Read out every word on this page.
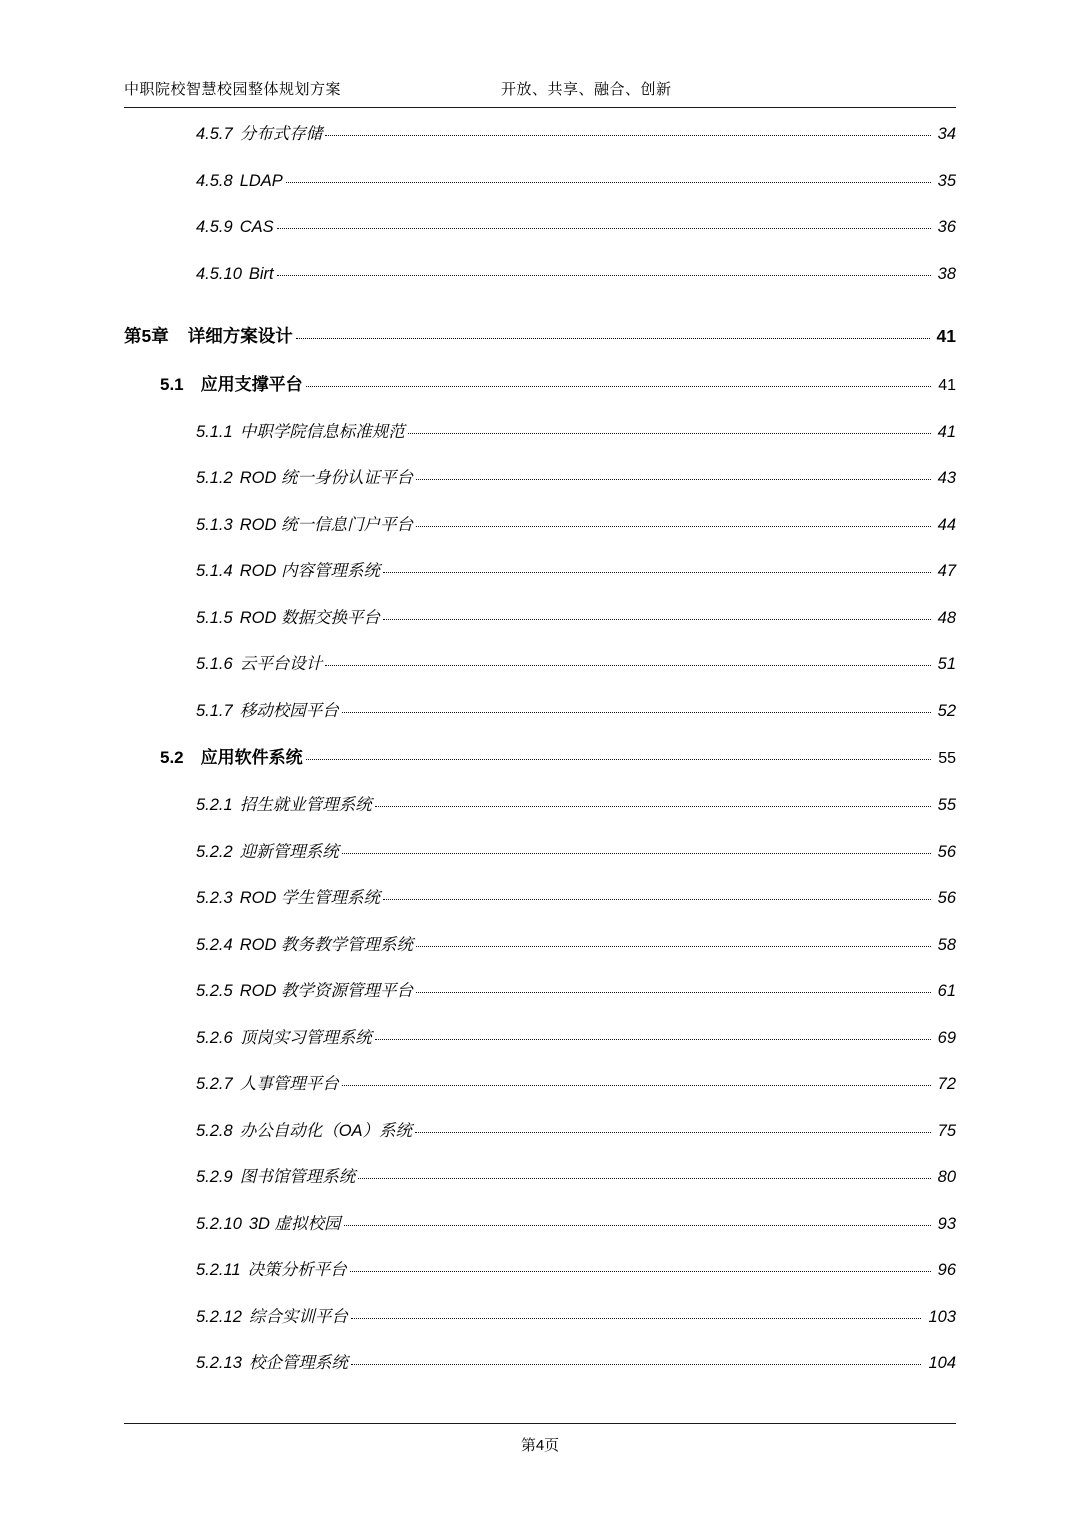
中职院校智慧校园整体规划方案	开放、共享、融合、创新
4.5.7 分布式存储	34
4.5.8 LDAP	35
4.5.9 CAS	36
4.5.10 Birt	38
第5章 详细方案设计	41
5.1 应用支撑平台	41
5.1.1 中职学院信息标准规范	41
5.1.2 ROD 统一身份认证平台	43
5.1.3 ROD 统一信息门户平台	44
5.1.4 ROD 内容管理系统	47
5.1.5 ROD 数据交换平台	48
5.1.6 云平台设计	51
5.1.7 移动校园平台	52
5.2 应用软件系统	55
5.2.1 招生就业管理系统	55
5.2.2 迎新管理系统	56
5.2.3 ROD 学生管理系统	56
5.2.4 ROD 教务教学管理系统	58
5.2.5 ROD 教学资源管理平台	61
5.2.6 顶岗实习管理系统	69
5.2.7 人事管理平台	72
5.2.8 办公自动化（OA）系统	75
5.2.9 图书馆管理系统	80
5.2.10 3D 虚拟校园	93
5.2.11 决策分析平台	96
5.2.12 综合实训平台	103
5.2.13 校企管理系统	104
第4页
